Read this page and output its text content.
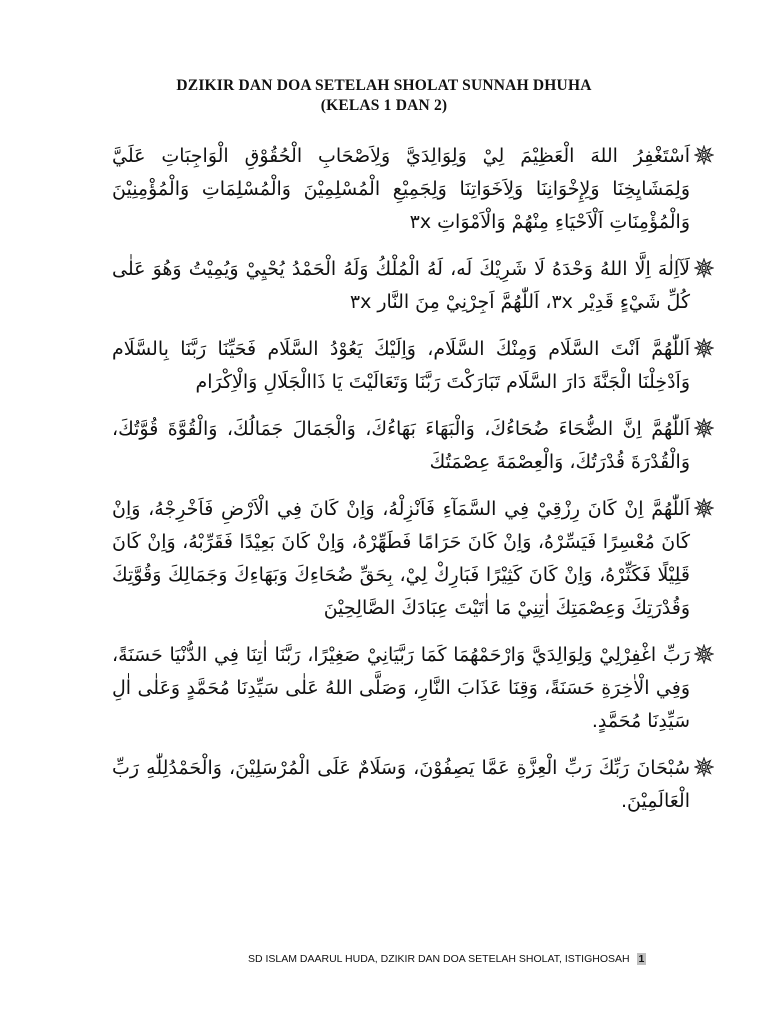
DZIKIR DAN DOA SETELAH SHOLAT SUNNAH DHUHA
(KELAS 1 DAN 2)
اَسْتَغْفِرُ اللهَ الْعَظِيْمَ لِيْ وَلِوَالِدَيَّ وَلِاَصْحَابِ الْحُقُوْقِ الْوَاجِبَاتِ عَلَيَّ وَلِمَشَايِخِنَا وَلِإِخْوَانِنَا وَلِاَخَوَاتِنَا وَلِجَمِيْعِ الْمُسْلِمِيْنَ وَالْمُسْلِمَاتِ وَالْمُؤْمِنِيْنَ وَالْمُؤْمِنَاتِ اَلْاَحْيَاءِ مِنْهُمْ وَالْاَمْوَاتِ ٣x
لَآاِلٰهَ اِلَّا اللهُ وَحْدَهُ لَا شَرِيْكَ لَه، لَهُ الْمُلْكُ وَلَهُ الْحَمْدُ يُحْيِيْ وَيُمِيْتُ وَهُوَ عَلٰى كُلِّ شَيْءٍ قَدِيْر ٣x، اَللّٰهُمَّ اَجِرْنِيْ مِنَ النَّار ٣x
اَللّٰهُمَّ اَنْتَ السَّلَام وَمِنْكَ السَّلَام، وَاِلَيْكَ يَعُوْدُ السَّلَام فَحَيِّنَا رَبَّنَا بِالسَّلَام وَاَدْخِلْنَا الْجَنَّةَ دَارَ السَّلَام تَبَارَكْتَ رَبَّنَا وَتَعَالَيْتَ يَا ذَاالْجَلَالِ وَالْاِكْرَام
اَللّٰهُمَّ اِنَّ الضُّحَاءَ ضُحَاءُكَ، وَالْبَهَاءَ بَهَاءُكَ، وَالْجَمَالَ جَمَالُكَ، وَالْقُوَّةَ قُوَّتُكَ، وَالْقُدْرَةَ قُدْرَتُكَ، وَالْعِصْمَةَ عِصْمَتُكَ
اَللّٰهُمَّ اِنْ كَانَ رِزْقِيْ فِي السَّمَآءِ فَاَنْزِلْهُ، وَاِنْ كَانَ فِي الْاَرْضِ فَاَخْرِجْهُ، وَاِنْ كَانَ مُعْسِرًا فَيَسِّرْهُ، وَاِنْ كَانَ حَرَامًا فَطَهِّرْهُ، وَاِنْ كَانَ بَعِيْدًا فَقَرِّبْهُ، وَاِنْ كَانَ قَلِيْلًا فَكَثِّرْهُ، وَاِنْ كَانَ كَثِيْرًا فَبَارِكْ لِيْ، بِحَقِّ ضُحَاءِكَ وَبَهَاءِكَ وَجَمَالِكَ وَقُوَّتِكَ وَقُدْرَتِكَ وَعِصْمَتِكَ اٰتِنِيْ مَا اٰتَيْتَ عِبَادَكَ الصَّالِحِيْنَ
رَبِّ اغْفِرْلِيْ وَلِوَالِدَيَّ وَارْحَمْهُمَا كَمَا رَبَّيَانِيْ صَغِيْرًا، رَبَّنَا اٰتِنَا فِي الدُّنْيَا حَسَنَةً، وَفِي الْاٰخِرَةِ حَسَنَةً، وَقِنَا عَذَابَ النَّارِ، وَصَلَّى اللهُ عَلٰى سَيِّدِنَا مُحَمَّدٍ وَعَلٰى اٰلِ سَيِّدِنَا مُحَمَّدٍ.
سُبْحَانَ رَبِّكَ رَبِّ الْعِزَّةِ عَمَّا يَصِفُوْنَ، وَسَلَامٌ عَلَى الْمُرْسَلِيْنَ، وَالْحَمْدُلِلّٰهِ رَبِّ الْعَالَمِيْنَ.
SD ISLAM DAARUL HUDA, DZIKIR DAN DOA SETELAH SHOLAT, ISTIGHOSAH 1
